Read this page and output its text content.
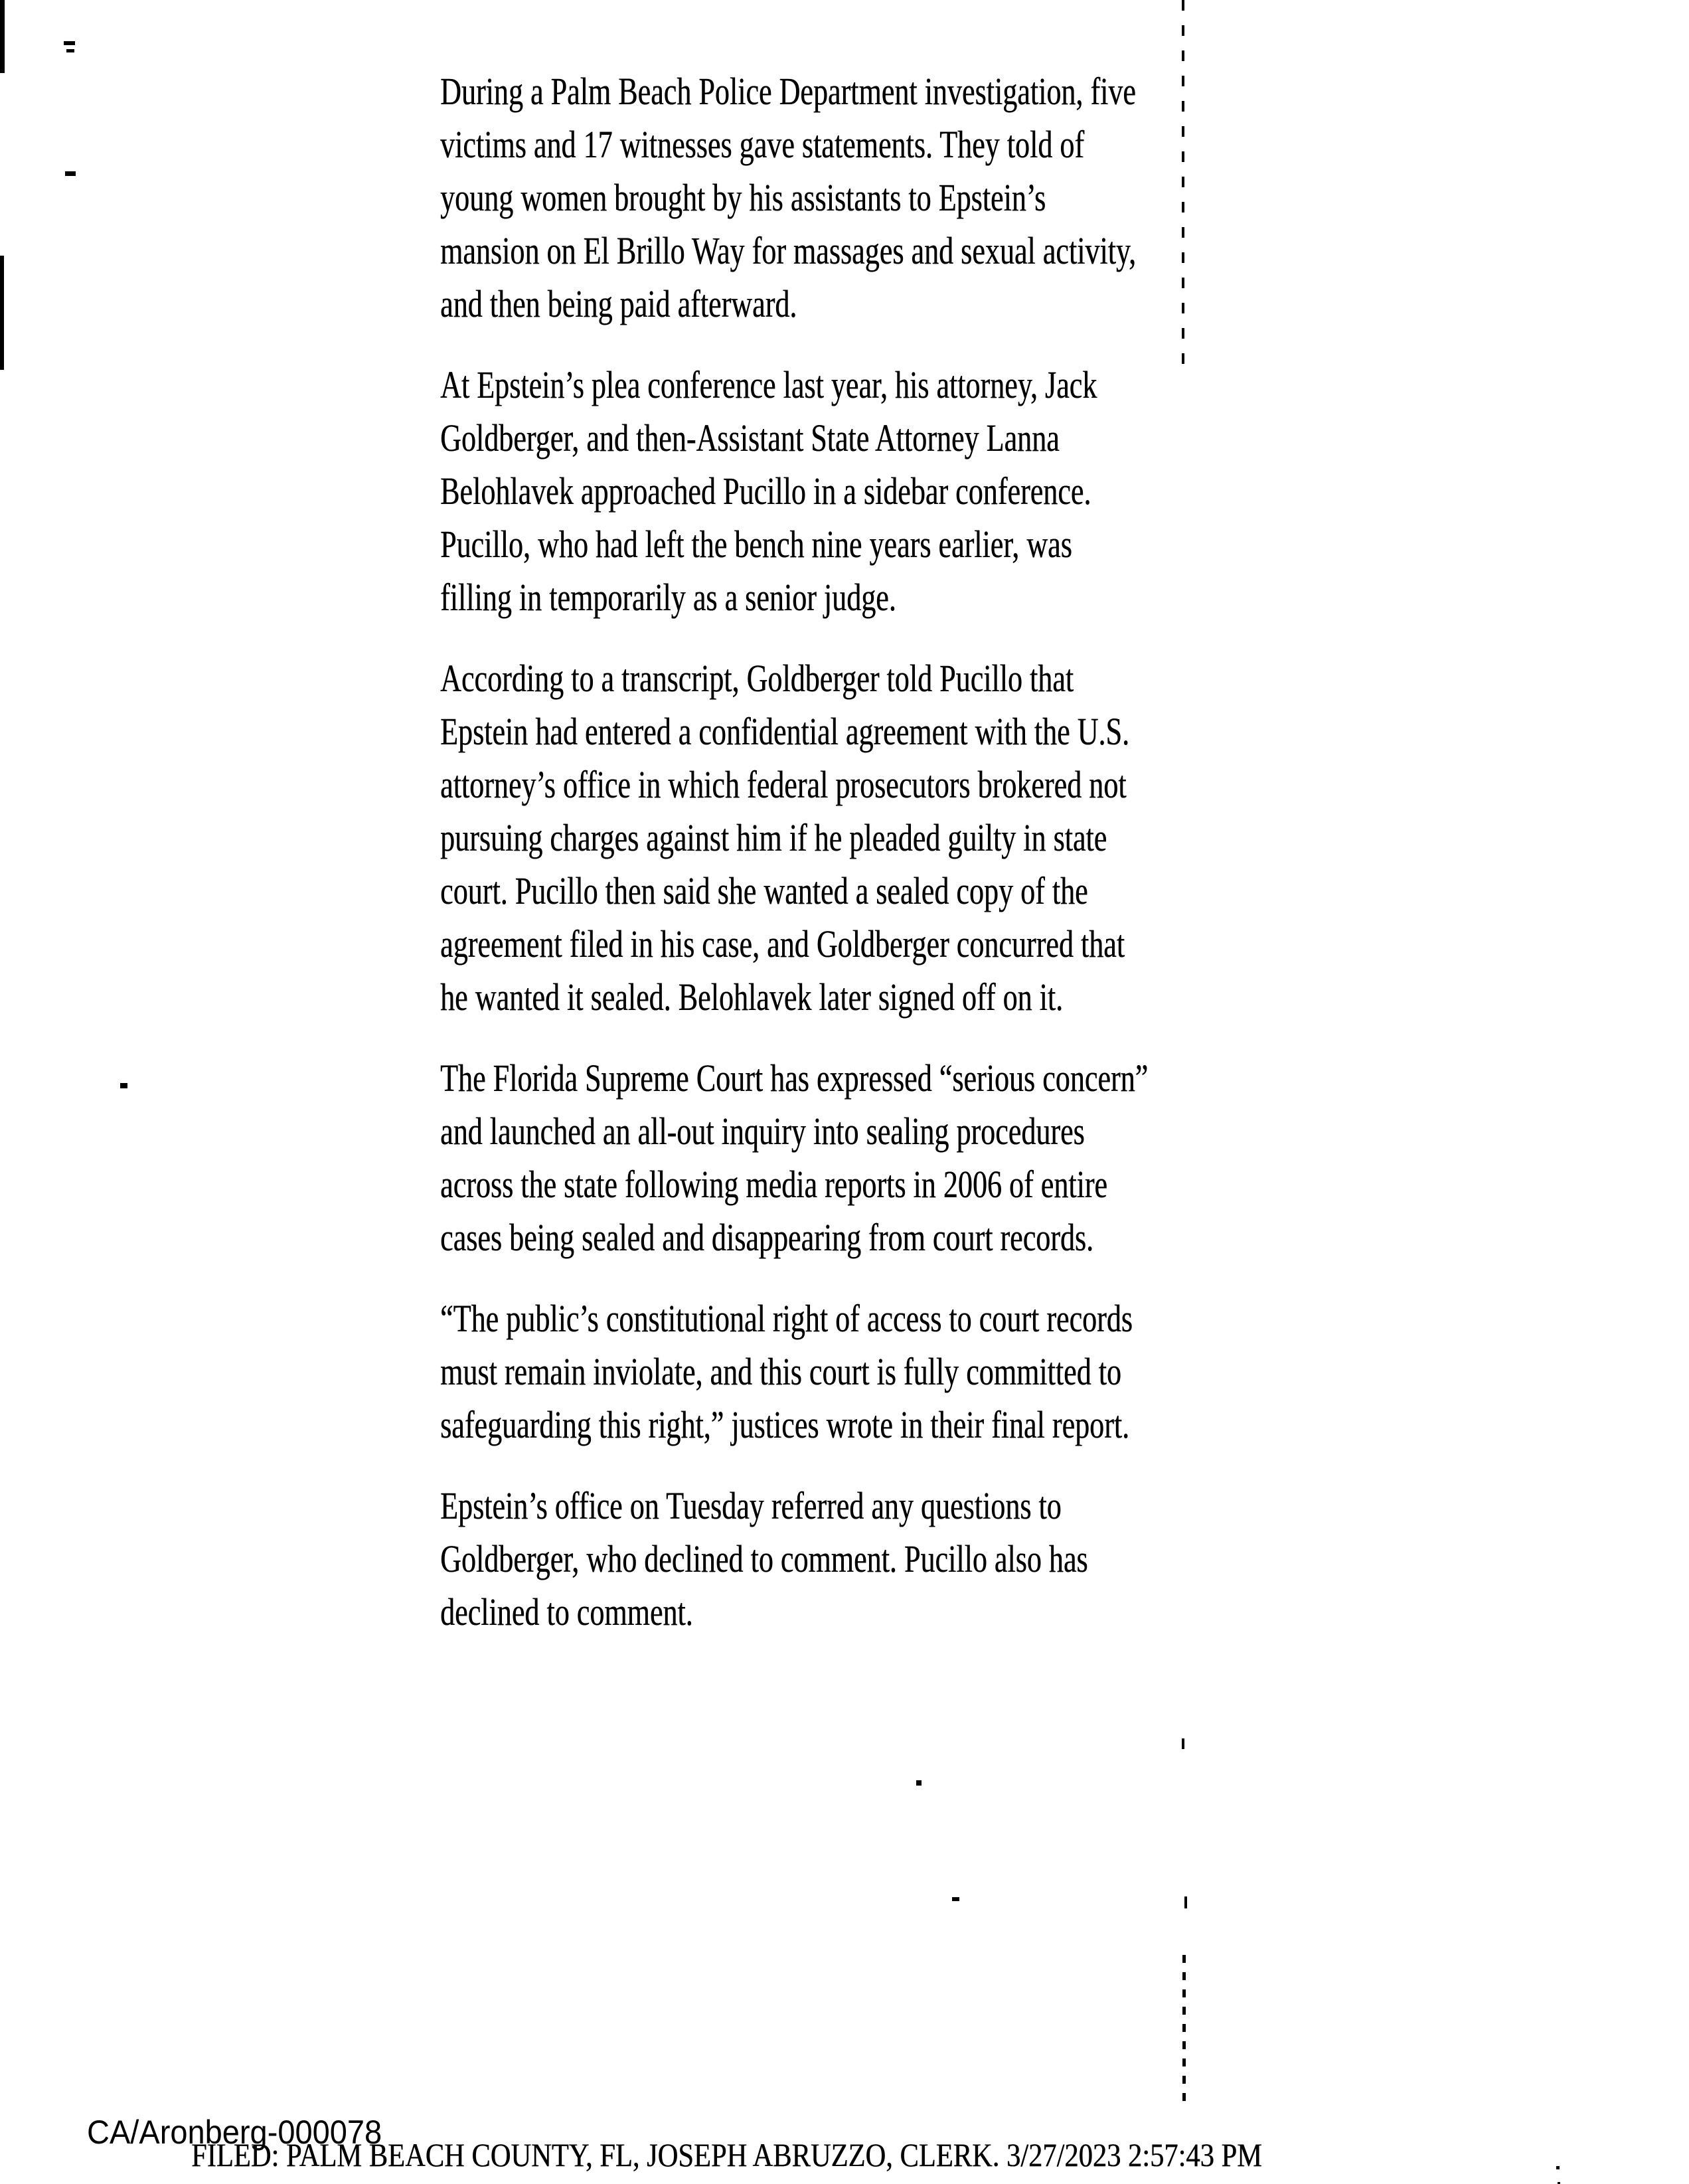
During a Palm Beach Police Department investigation, five
victims and 17 witnesses gave statements. They told of
young women brought by his assistants to Epstein’s
mansion on El Brillo Way for massages and sexual activity,
and then being paid afterward.
At Epstein’s plea conference last year, his attorney, Jack
Goldberger, and then-Assistant State Attorney Lanna
Belohlavek approached Pucillo in a sidebar conference.
Pucillo, who had left the bench nine years earlier, was
filling in temporarily as a senior judge.
According to a transcript, Goldberger told Pucillo that
Epstein had entered a confidential agreement with the U.S.
attorney’s office in which federal prosecutors brokered not
pursuing charges against him if he pleaded guilty in state
court. Pucillo then said she wanted a sealed copy of the
agreement filed in his case, and Goldberger concurred that
he wanted it sealed. Belohlavek later signed off on it.
The Florida Supreme Court has expressed “serious concern”
and launched an all-out inquiry into sealing procedures
across the state following media reports in 2006 of entire
cases being sealed and disappearing from court records.
“The public’s constitutional right of access to court records
must remain inviolate, and this court is fully committed to
safeguarding this right,” justices wrote in their final report.
Epstein’s office on Tuesday referred any questions to
Goldberger, who declined to comment. Pucillo also has
declined to comment.
CA/Aronberg-000078
FILED: PALM BEACH COUNTY, FL, JOSEPH ABRUZZO, CLERK. 3/27/2023 2:57:43 PM
